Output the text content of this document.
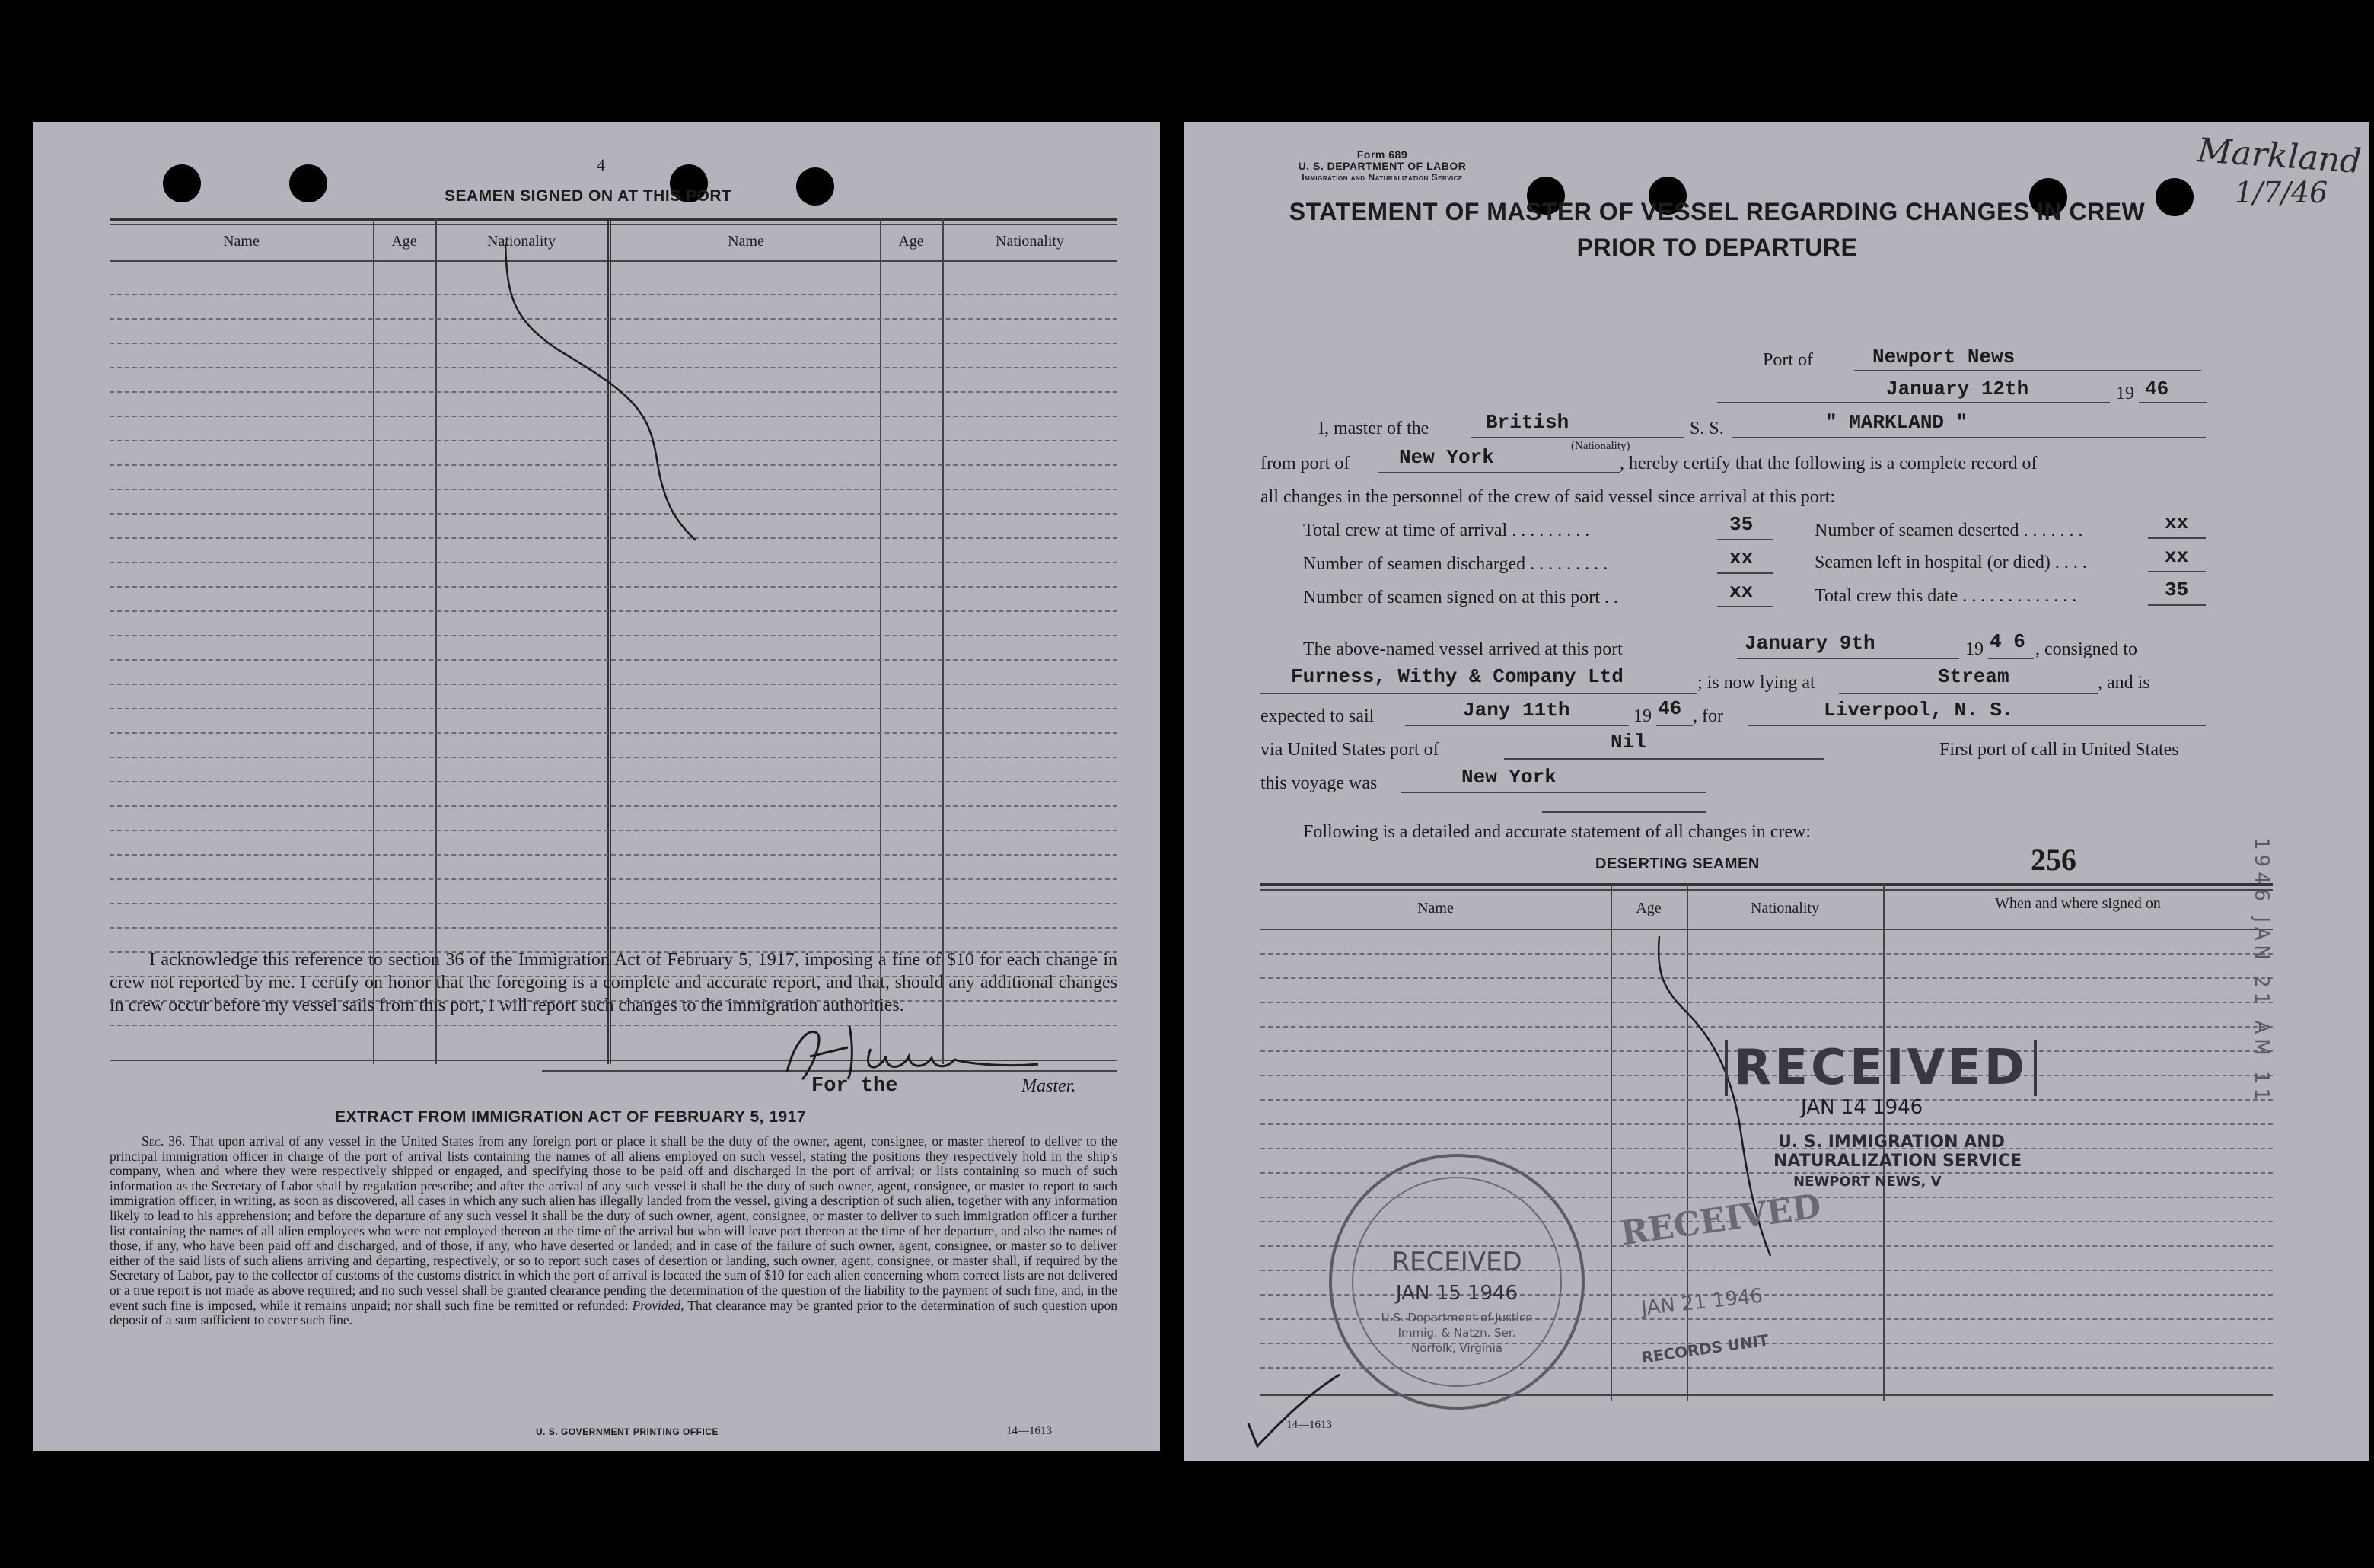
4
SEAMEN SIGNED ON AT THIS PORT
Name	Age	Nationality	Name	Age	Nationality
I acknowledge this reference to section 36 of the Immigration Act of February 5, 1917, imposing a fine of $10 for each change in crew not reported by me. I certify on honor that the foregoing is a complete and accurate report, and that, should any additional changes in crew occur before my vessel sails from this port, I will report such changes to the immigration authorities.
For the	Master.
EXTRACT FROM IMMIGRATION ACT OF FEBRUARY 5, 1917
Sec. 36. That upon arrival of any vessel in the United States from any foreign port or place it shall be the duty of the owner, agent, consignee, or master thereof to deliver to the principal immigration officer in charge of the port of arrival lists containing the names of all aliens employed on such vessel, stating the positions they respectively hold in the ship's company, when and where they were respectively shipped or engaged, and specifying those to be paid off and discharged in the port of arrival; or lists containing so much of such information as the Secretary of Labor shall by regulation prescribe; and after the arrival of any such vessel it shall be the duty of such owner, agent, consignee, or master to report to such immigration officer, in writing, as soon as discovered, all cases in which any such alien has illegally landed from the vessel, giving a description of such alien, together with any information likely to lead to his apprehension; and before the departure of any such vessel it shall be the duty of such owner, agent, consignee, or master to deliver to such immigration officer a further list containing the names of all alien employees who were not employed thereon at the time of the arrival but who will leave port thereon at the time of her departure, and also the names of those, if any, who have been paid off and discharged, and of those, if any, who have deserted or landed; and in case of the failure of such owner, agent, consignee, or master so to deliver either of the said lists of such aliens arriving and departing, respectively, or so to report such cases of desertion or landing, such owner, agent, consignee, or master shall, if required by the Secretary of Labor, pay to the collector of customs of the customs district in which the port of arrival is located the sum of $10 for each alien concerning whom correct lists are not delivered or a true report is not made as above required; and no such vessel shall be granted clearance pending the determination of the question of the liability to the payment of such fine, and, in the event such fine is imposed, while it remains unpaid; nor shall such fine be remitted or refunded: Provided, That clearance may be granted prior to the determination of such question upon deposit of a sum sufficient to cover such fine.
U. S. GOVERNMENT PRINTING OFFICE	14—1613
Form 689
U. S. DEPARTMENT OF LABOR
Immigration and Naturalization Service
STATEMENT OF MASTER OF VESSEL REGARDING CHANGES IN CREW
PRIOR TO DEPARTURE
Markland
1/7/46
Port of	Newport News
January 12th	19 46
I, master of the	British
(Nationality)
S. S.	" MARKLAND "
from port of New York	, hereby certify that the following is a complete record of
all changes in the personnel of the crew of said vessel since arrival at this port:
Total crew at time of arrival . . . . . . . . .	35	Number of seamen deserted . . . . . . .	xx
Number of seamen discharged . . . . . . . . .	xx	Seamen left in hospital (or died) . . . .	xx
Number of seamen signed on at this port . .	xx	Total crew this date . . . . . . . . . . . . .	35
The above-named vessel arrived at this port	January 9th	19 4 6 , consigned to
Furness, Withy & Company Ltd	; is now lying at	Stream	, and is
expected to sail	Jany 11th	19 46 , for	Liverpool, N. S.
via United States port of	Nil	First port of call in United States
this voyage was	New York
Following is a detailed and accurate statement of all changes in crew:
DESERTING SEAMEN	256
Name	Age	Nationality	When and where signed on
14—1613
RECEIVED
JAN 14 1946
U. S. IMMIGRATION AND
NATURALIZATION SERVICE
NEWPORT NEWS, V
RECEIVED
JAN 15 1946
U.S. Department of Justice
Immig. & Natzn. Ser.
Norfolk, Virginia
RECEIVED
JAN 21 1946
RECORDS UNIT
1946 JAN 21 AM 11
